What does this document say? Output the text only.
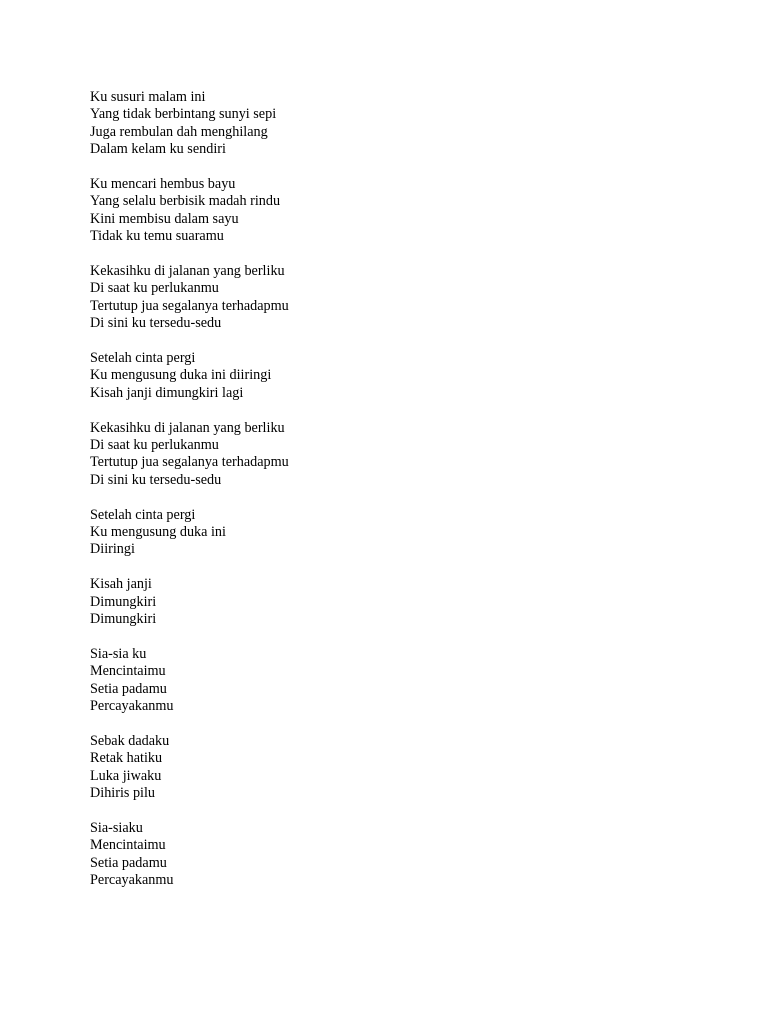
Ku susuri malam ini
Yang tidak berbintang sunyi sepi
Juga rembulan dah menghilang
Dalam kelam ku sendiri
Ku mencari hembus bayu
Yang selalu berbisik madah rindu
Kini membisu dalam sayu
Tidak ku temu suaramu
Kekasihku di jalanan yang berliku
Di saat ku perlukanmu
Tertutup jua segalanya terhadapmu
Di sini ku tersedu-sedu
Setelah cinta pergi
Ku mengusung duka ini diiringi
Kisah janji dimungkiri lagi
Kekasihku di jalanan yang berliku
Di saat ku perlukanmu
Tertutup jua segalanya terhadapmu
Di sini ku tersedu-sedu
Setelah cinta pergi
Ku mengusung duka ini
Diiringi
Kisah janji
Dimungkiri
Dimungkiri
Sia-sia ku
Mencintaimu
Setia padamu
Percayakanmu
Sebak dadaku
Retak hatiku
Luka jiwaku
Dihiris pilu
Sia-siaku
Mencintaimu
Setia padamu
Percayakanmu
